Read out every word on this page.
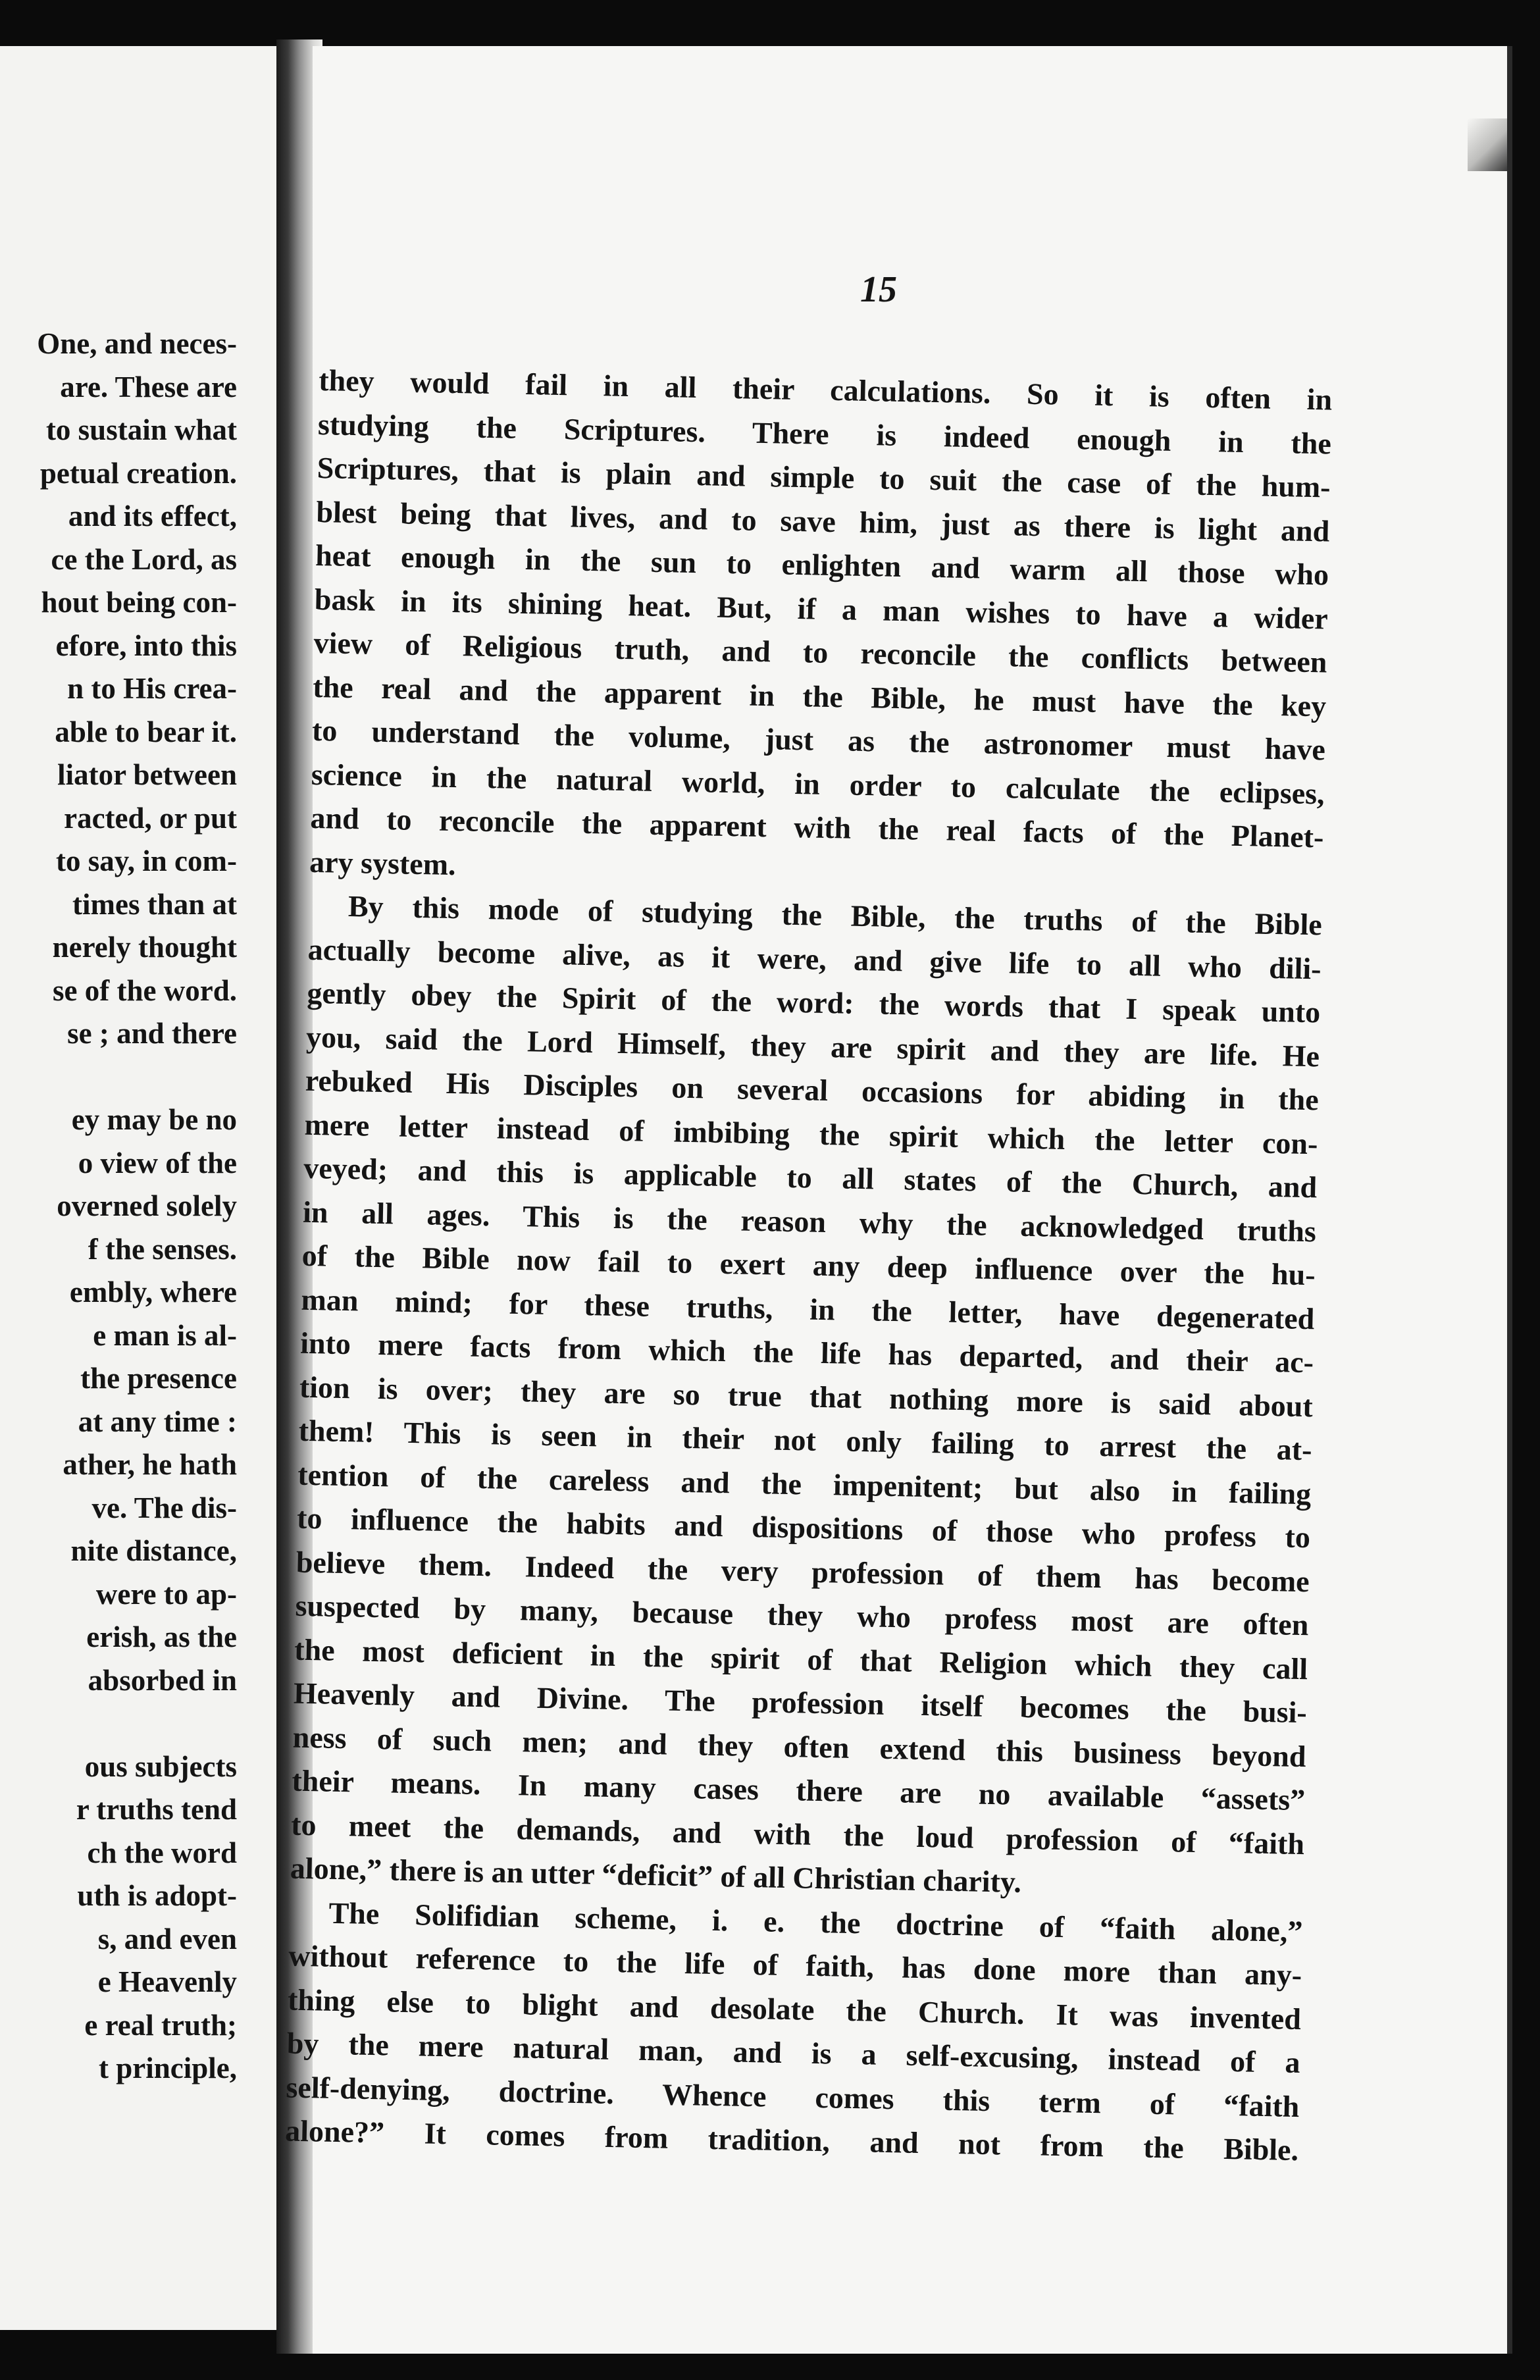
One, and neces-
are. These are
to sustain what
petual creation.
and its effect,
ce the Lord, as
hout being con-
efore, into this
n to His crea-
able to bear it.
liator between
racted, or put
to say, in com-
times than at
nerely thought
se of the word.
se ; and there
ey may be no
o view of the
overned solely
f the senses.
embly, where
e man is al-
the presence
at any time :
ather, he hath
ve. The dis-
nite distance,
were to ap-
erish, as the
absorbed in
ous subjects
r truths tend
ch the word
uth is adopt-
s, and even
e Heavenly
e real truth;
t principle,
15
they would fail in all their calculations. So it is often in
studying the Scriptures. There is indeed enough in the
Scriptures, that is plain and simple to suit the case of the hum-
blest being that lives, and to save him, just as there is light and
heat enough in the sun to enlighten and warm all those who
bask in its shining heat. But, if a man wishes to have a wider
view of Religious truth, and to reconcile the conflicts between
the real and the apparent in the Bible, he must have the key
to understand the volume, just as the astronomer must have
science in the natural world, in order to calculate the eclipses,
and to reconcile the apparent with the real facts of the Planet-
ary system.
By this mode of studying the Bible, the truths of the Bible
actually become alive, as it were, and give life to all who dili-
gently obey the Spirit of the word: the words that I speak unto
you, said the Lord Himself, they are spirit and they are life. He
rebuked His Disciples on several occasions for abiding in the
mere letter instead of imbibing the spirit which the letter con-
veyed; and this is applicable to all states of the Church, and
in all ages. This is the reason why the acknowledged truths
of the Bible now fail to exert any deep influence over the hu-
man mind; for these truths, in the letter, have degenerated
into mere facts from which the life has departed, and their ac-
tion is over; they are so true that nothing more is said about
them! This is seen in their not only failing to arrest the at-
tention of the careless and the impenitent; but also in failing
to influence the habits and dispositions of those who profess to
believe them. Indeed the very profession of them has become
suspected by many, because they who profess most are often
the most deficient in the spirit of that Religion which they call
Heavenly and Divine. The profession itself becomes the busi-
ness of such men; and they often extend this business beyond
their means. In many cases there are no available “assets”
to meet the demands, and with the loud profession of “faith
alone,” there is an utter “deficit” of all Christian charity.
The Solifidian scheme, i. e. the doctrine of “faith alone,”
without reference to the life of faith, has done more than any-
thing else to blight and desolate the Church. It was invented
by the mere natural man, and is a self-excusing, instead of a
self-denying, doctrine. Whence comes this term of “faith
alone?” It comes from tradition, and not from the Bible.
